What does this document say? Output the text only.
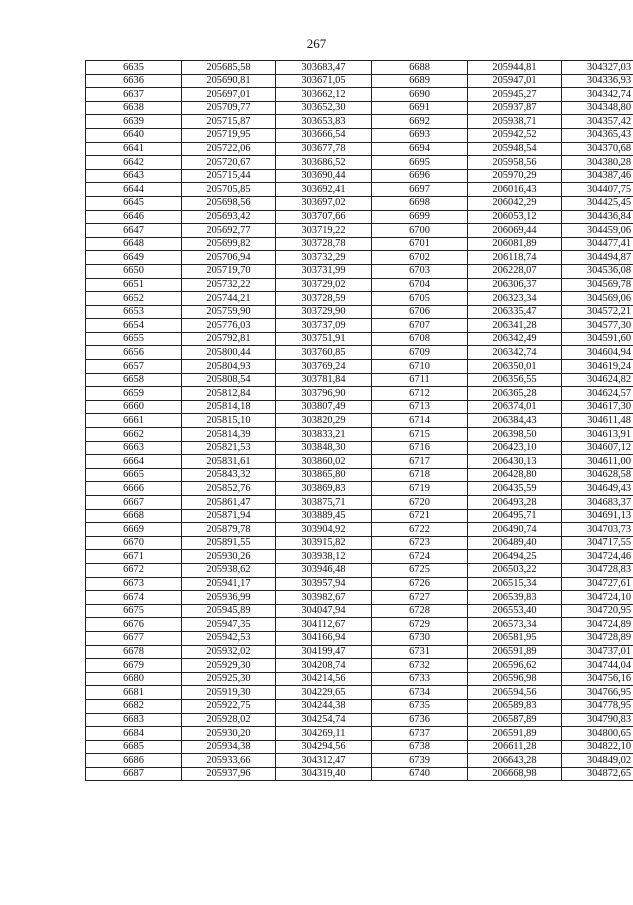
267
6635	205685,58	303683,47	6688	205944,81	304327,03
6636	205690,81	303671,05	6689	205947,01	304336,93
6637	205697,01	303662,12	6690	205945,27	304342,74
6638	205709,77	303652,30	6691	205937,87	304348,80
6639	205715,87	303653,83	6692	205938,71	304357,42
6640	205719,95	303666,54	6693	205942,52	304365,43
6641	205722,06	303677,78	6694	205948,54	304370,68
6642	205720,67	303686,52	6695	205958,56	304380,28
6643	205715,44	303690,44	6696	205970,29	304387,46
6644	205705,85	303692,41	6697	206016,43	304407,75
6645	205698,56	303697,02	6698	206042,29	304425,45
6646	205693,42	303707,66	6699	206053,12	304436,84
6647	205692,77	303719,22	6700	206069,44	304459,06
6648	205699,82	303728,78	6701	206081,89	304477,41
6649	205706,94	303732,29	6702	206118,74	304494,87
6650	205719,70	303731,99	6703	206228,07	304536,08
6651	205732,22	303729,02	6704	206306,37	304569,78
6652	205744,21	303728,59	6705	206323,34	304569,06
6653	205759,90	303729,90	6706	206335,47	304572,21
6654	205776,03	303737,09	6707	206341,28	304577,30
6655	205792,81	303751,91	6708	206342,49	304591,60
6656	205800,44	303760,85	6709	206342,74	304604,94
6657	205804,93	303769,24	6710	206350,01	304619,24
6658	205808,54	303781,84	6711	206356,55	304624,82
6659	205812,84	303796,90	6712	206365,28	304624,57
6660	205814,18	303807,49	6713	206374,01	304617,30
6661	205815,10	303820,29	6714	206384,43	304611,48
6662	205814,39	303833,21	6715	206398,50	304613,91
6663	205821,53	303848,30	6716	206423,10	304607,12
6664	205831,61	303860,02	6717	206430,13	304611,00
6665	205843,32	303865,80	6718	206428,80	304628,58
6666	205852,76	303869,83	6719	206435,59	304649,43
6667	205861,47	303875,71	6720	206493,28	304683,37
6668	205871,94	303889,45	6721	206495,71	304691,13
6669	205879,78	303904,92	6722	206490,74	304703,73
6670	205891,55	303915,82	6723	206489,40	304717,55
6671	205930,26	303938,12	6724	206494,25	304724,46
6672	205938,62	303946,48	6725	206503,22	304728,83
6673	205941,17	303957,94	6726	206515,34	304727,61
6674	205936,99	303982,67	6727	206539,83	304724,10
6675	205945,89	304047,94	6728	206553,40	304720,95
6676	205947,35	304112,67	6729	206573,34	304724,89
6677	205942,53	304166,94	6730	206581,95	304728,89
6678	205932,02	304199,47	6731	206591,89	304737,01
6679	205929,30	304208,74	6732	206596,62	304744,04
6680	205925,30	304214,56	6733	206596,98	304756,16
6681	205919,30	304229,65	6734	206594,56	304766,95
6682	205922,75	304244,38	6735	206589,83	304778,95
6683	205928,02	304254,74	6736	206587,89	304790,83
6684	205930,20	304269,11	6737	206591,89	304800,65
6685	205934,38	304294,56	6738	206611,28	304822,10
6686	205933,66	304312,47	6739	206643,28	304849,02
6687	205937,96	304319,40	6740	206668,98	304872,65
